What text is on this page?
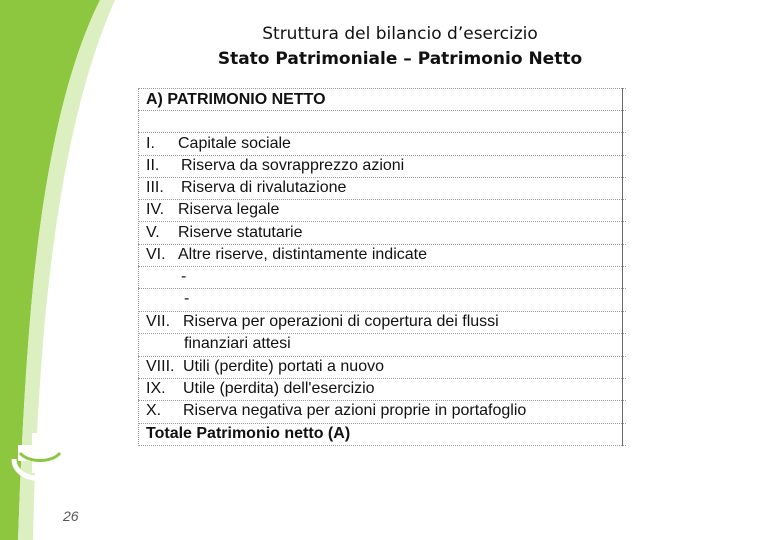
Struttura del bilancio d’esercizio
Stato Patrimoniale – Patrimonio Netto
A) PATRIMONIO NETTO
I. Capitale sociale
II. Riserva da sovrapprezzo azioni
III. Riserva di rivalutazione
IV. Riserva legale
V. Riserve statutarie
VI. Altre riserve, distintamente indicate
-
-
VII. Riserva per operazioni di copertura dei flussi
finanziari attesi
VIII. Utili (perdite) portati a nuovo
IX. Utile (perdita) dell'esercizio
X. Riserva negativa per azioni proprie in portafoglio
Totale Patrimonio netto (A)
26
